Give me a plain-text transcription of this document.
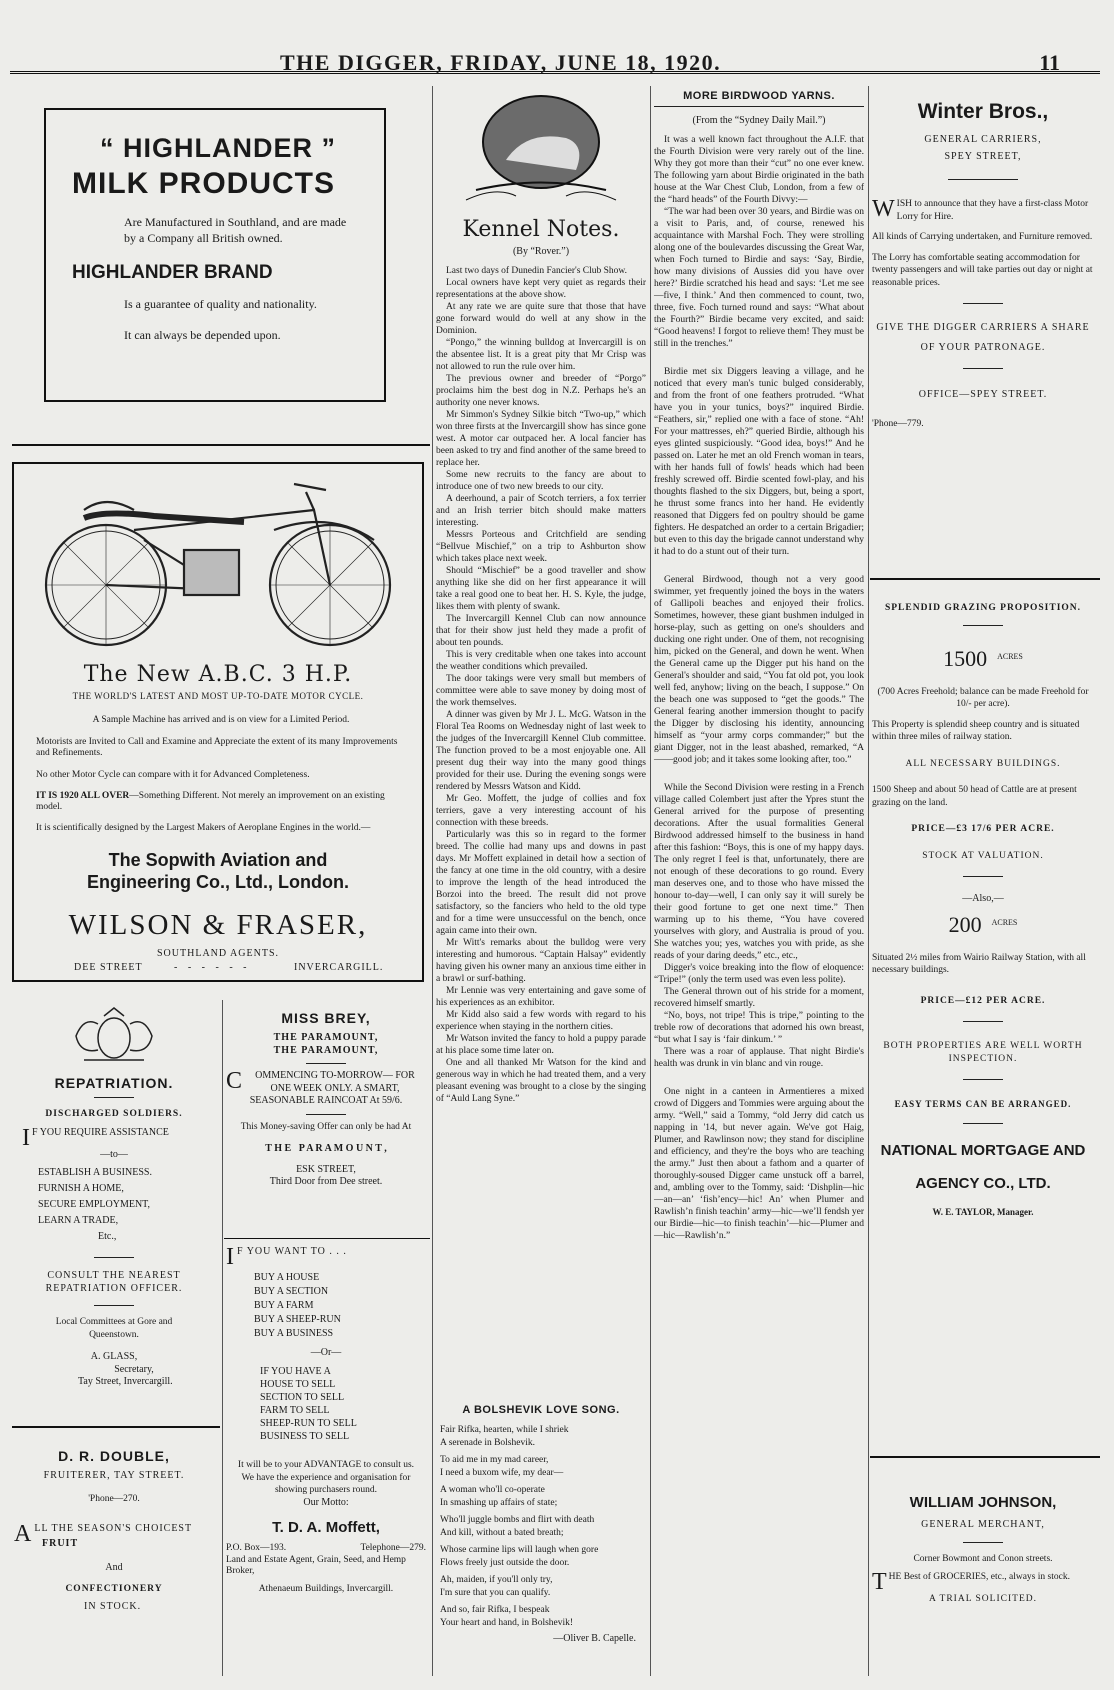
THE DIGGER, FRIDAY, JUNE 18, 1920.	11
“ HIGHLANDER ”
MILK PRODUCTS

Are Manufactured in Southland, and are made by a Company all British owned.

HIGHLANDER BRAND

Is a guarantee of quality and nationality.

It can always be depended upon.

The New A.B.C. 3 H.P.
THE WORLD'S LATEST AND MOST UP-TO-DATE MOTOR CYCLE.

A Sample Machine has arrived and is on view for a Limited Period.

Motorists are Invited to Call and Examine and Appreciate the extent of its many Improvements and Refinements.

No other Motor Cycle can compare with it for Advanced Completeness.

IT IS 1920 ALL OVER—Something Different. Not merely an improvement on an existing model.

It is scientifically designed by the Largest Makers of Aeroplane Engines in the world.—

The Sopwith Aviation and
Engineering Co., Ltd., London.
WILSON & FRASER,
SOUTHLAND AGENTS.
DEE STREET	- - - - - -	INVERCARGILL.
REPATRIATION.
DISCHARGED SOLDIERS.
I F YOU REQUIRE ASSISTANCE
—to—
ESTABLISH A BUSINESS.
FURNISH A HOME,
SECURE EMPLOYMENT,
LEARN A TRADE,
Etc.,
CONSULT THE NEAREST REPATRIATION OFFICER.
Local Committees at Gore and Queenstown.
A. GLASS,
Secretary,
Tay Street, Invercargill.
D. R. DOUBLE,
FRUITERER, TAY STREET.
'Phone—270.
ALL THE SEASON'S CHOICEST
FRUIT
And
CONFECTIONERY
IN STOCK.
MISS BREY,
THE PARAMOUNT,
THE PARAMOUNT,
C OMMENCING TO-MORROW— FOR ONE WEEK ONLY. A SMART, SEASONABLE RAINCOAT At 59/6.
This Money-saving Offer can only be had At
T H E   P A R A M O U N T ,
ESK STREET,
Third Door from Dee street.
I F YOU WANT TO . . .
BUY A HOUSE
BUY A SECTION
BUY A FARM
BUY A SHEEP-RUN
BUY A BUSINESS
—Or—
IF YOU HAVE A
HOUSE TO SELL
SECTION TO SELL
FARM TO SELL
SHEEP-RUN TO SELL
BUSINESS TO SELL
It will be to your ADVANTAGE to consult us. We have the experience and organisation for showing purchasers round.
Our Motto:
T. D. A. Moffett,
P.O. Box—193.	Telephone—279.
Land and Estate Agent, Grain, Seed, and Hemp Broker,
Athenaeum Buildings, Invercargill.
Kennel Notes.
(By “Rover.”)

Last two days of Dunedin Fancier's Club Show.

Local owners have kept very quiet as regards their representations at the above show.

At any rate we are quite sure that those that have gone forward would do well at any show in the Dominion.

“Pongo,” the winning bulldog at Invercargill is on the absentee list. It is a great pity that Mr Crisp was not allowed to run the rule over him.

The previous owner and breeder of “Porgo” proclaims him the best dog in N.Z. Perhaps he's an authority one never knows.

Mr Simmon's Sydney Silkie bitch “Two-up,” which won three firsts at the Invercargill show has since gone west. A motor car outpaced her. A local fancier has been asked to try and find another of the same breed to replace her.

Some new recruits to the fancy are about to introduce one of two new breeds to our city.

A deerhound, a pair of Scotch terriers, a fox terrier and an Irish terrier bitch should make matters interesting.

Messrs Porteous and Critchfield are sending “Bellvue Mischief,” on a trip to Ashburton show which takes place next week.

Should “Mischief” be a good traveller and show anything like she did on her first appearance it will take a real good one to beat her. H. S. Kyle, the judge, likes them with plenty of swank.

The Invercargill Kennel Club can now announce that for their show just held they made a profit of about ten pounds.

This is very creditable when one takes into account the weather conditions which prevailed.

The door takings were very small but members of committee were able to save money by doing most of the work themselves.

A dinner was given by Mr J. L. McG. Watson in the Floral Tea Rooms on Wednesday night of last week to the judges of the Invercargill Kennel Club committee. The function proved to be a most enjoyable one. All present dug their way into the many good things provided for their use. During the evening songs were rendered by Messrs Watson and Kidd.

Mr Geo. Moffett, the judge of collies and fox terriers, gave a very interesting account of his connection with these breeds.

Particularly was this so in regard to the former breed. The collie had many ups and downs in past days. Mr Moffett explained in detail how a section of the fancy at one time in the old country, with a desire to improve the length of the head introduced the Borzoi into the breed. The result did not prove satisfactory, so the fanciers who held to the old type and for a time were unsuccessful on the bench, once again came into their own.

Mr Witt's remarks about the bulldog were very interesting and humorous. “Captain Halsay” evidently having given his owner many an anxious time either in a brawl or surf-bathing.

Mr Lennie was very entertaining and gave some of his experiences as an exhibitor.

Mr Kidd also said a few words with regard to his experience when staying in the northern cities.

Mr Watson invited the fancy to hold a puppy parade at his place some time later on.

One and all thanked Mr Watson for the kind and generous way in which he had treated them, and a very pleasant evening was brought to a close by the singing of “Auld Lang Syne.”

A BOLSHEVIK LOVE SONG.

Fair Rifka, hearten, while I shriek

A serenade in Bolshevik.

To aid me in my mad career,

I need a buxom wife, my dear—

A woman who'll co-operate

In smashing up affairs of state;

Who'll juggle bombs and flirt with death

And kill, without a bated breath;

Whose carmine lips will laugh when gore

Flows freely just outside the door.

Ah, maiden, if you'll only try,

I'm sure that you can qualify.

And so, fair Rifka, I bespeak

Your heart and hand, in Bolshevik!

—Oliver B. Capelle.
MORE BIRDWOOD YARNS.
(From the “Sydney Daily Mail.”)

It was a well known fact throughout the A.I.F. that the Fourth Division were very rarely out of the line. Why they got more than their “cut” no one ever knew. The following yarn about Birdie originated in the bath house at the War Chest Club, London, from a few of the “hard heads” of the Fourth Divvy:—

“The war had been over 30 years, and Birdie was on a visit to Paris, and, of course, renewed his acquaintance with Marshal Foch. They were strolling along one of the boulevardes discussing the Great War, when Foch turned to Birdie and says: ‘Say, Birdie, how many divisions of Aussies did you have over here?’ Birdie scratched his head and says: ‘Let me see—five, I think.’ And then commenced to count, two, three, five. Foch turned round and says: “What about the Fourth?” Birdie became very excited, and said: “Good heavens! I forgot to relieve them! They must be still in the trenches.”

Birdie met six Diggers leaving a village, and he noticed that every man's tunic bulged considerably, and from the front of one feathers protruded. “What have you in your tunics, boys?” inquired Birdie. “Feathers, sir,” replied one with a face of stone. “Ah! For your mattresses, eh?” queried Birdie, although his eyes glinted suspiciously. “Good idea, boys!” And he passed on. Later he met an old French woman in tears, with her hands full of fowls' heads which had been freshly screwed off. Birdie scented fowl-play, and his thoughts flashed to the six Diggers, but, being a sport, he thrust some francs into her hand. He evidently reasoned that Diggers fed on poultry should be game fighters. He despatched an order to a certain Brigadier; but even to this day the brigade cannot understand why it had to do a stunt out of their turn.

General Birdwood, though not a very good swimmer, yet frequently joined the boys in the waters of Gallipoli beaches and enjoyed their frolics. Sometimes, however, these giant bushmen indulged in horse-play, such as getting on one's shoulders and ducking one right under. One of them, not recognising him, picked on the General, and down he went. When the General came up the Digger put his hand on the General's shoulder and said, “You fat old pot, you look well fed, anyhow; living on the beach, I suppose.” On the beach one was supposed to “get the goods.” The General fearing another immersion thought to pacify the Digger by disclosing his identity, announcing himself as “your army corps commander;” but the giant Digger, not in the least abashed, remarked, “A——good job; and it takes some looking after, too.”

While the Second Division were resting in a French village called Colembert just after the Ypres stunt the General arrived for the purpose of presenting decorations. After the usual formalities General Birdwood addressed himself to the business in hand after this fashion: “Boys, this is one of my happy days. The only regret I feel is that, unfortunately, there are not enough of these decorations to go round. Every man deserves one, and to those who have missed the honour to-day—well, I can only say it will surely be their good fortune to get one next time.” Then warming up to his theme, “You have covered yourselves with glory, and Australia is proud of you. She watches you; yes, watches you with pride, as she reads of your daring deeds,” etc., etc.,

Digger's voice breaking into the flow of eloquence: “Tripe!” (only the term used was even less polite).

The General thrown out of his stride for a moment, recovered himself smartly.

“No, boys, not tripe! This is tripe,” pointing to the treble row of decorations that adorned his own breast, “but what I say is ‘fair dinkum.’ ”

There was a roar of applause. That night Birdie's health was drunk in vin blanc and vin rouge.

One night in a canteen in Armentieres a mixed crowd of Diggers and Tommies were arguing about the army. “Well,” said a Tommy, “old Jerry did catch us napping in '14, but never again. We've got Haig, Plumer, and Rawlinson now; they stand for discipline and efficiency, and they're the boys who are teaching the army.” Just then about a fathom and a quarter of thoroughly-soused Digger came unstuck off a barrel, and, ambling over to the Tommy, said: ‘Dishplin—hic—an—an’ ‘fish’ency—hic! An’ when Plumer and Rawlish’n finish teachin’ army—hic—we’ll fendsh yer our Birdie—hic—to finish teachin’—hic—Plumer and—hic—Rawlish’n.”

Winter Bros.,
GENERAL CARRIERS,
SPEY STREET,
WISH to announce that they have a first-class Motor Lorry for Hire.
All kinds of Carrying undertaken, and Furniture removed.
The Lorry has comfortable seating accommodation for twenty passengers and will take parties out day or night at reasonable prices.
GIVE THE DIGGER CARRIERS A SHARE OF YOUR PATRONAGE.
OFFICE—SPEY STREET.
'Phone—779.
SPLENDID GRAZING PROPOSITION.
1500 $^{ACRES}$
(700 Acres Freehold; balance can be made Freehold for 10/- per acre).
This Property is splendid sheep country and is situated within three miles of railway station.
ALL NECESSARY BUILDINGS.
1500 Sheep and about 50 head of Cattle are at present grazing on the land.
PRICE—£3 17/6 PER ACRE.
STOCK AT VALUATION.
—Also,—
200 $^{ACRES}$
Situated 2½ miles from Wairio Railway Station, with all necessary buildings.
PRICE—£12 PER ACRE.
BOTH PROPERTIES ARE WELL WORTH INSPECTION.
EASY TERMS CAN BE ARRANGED.
NATIONAL MORTGAGE AND
AGENCY CO., LTD.
W. E. TAYLOR, Manager.
WILLIAM JOHNSON,
GENERAL MERCHANT,
Corner Bowmont and Conon streets.
THE Best of GROCERIES, etc., always in stock.
A TRIAL SOLICITED.
